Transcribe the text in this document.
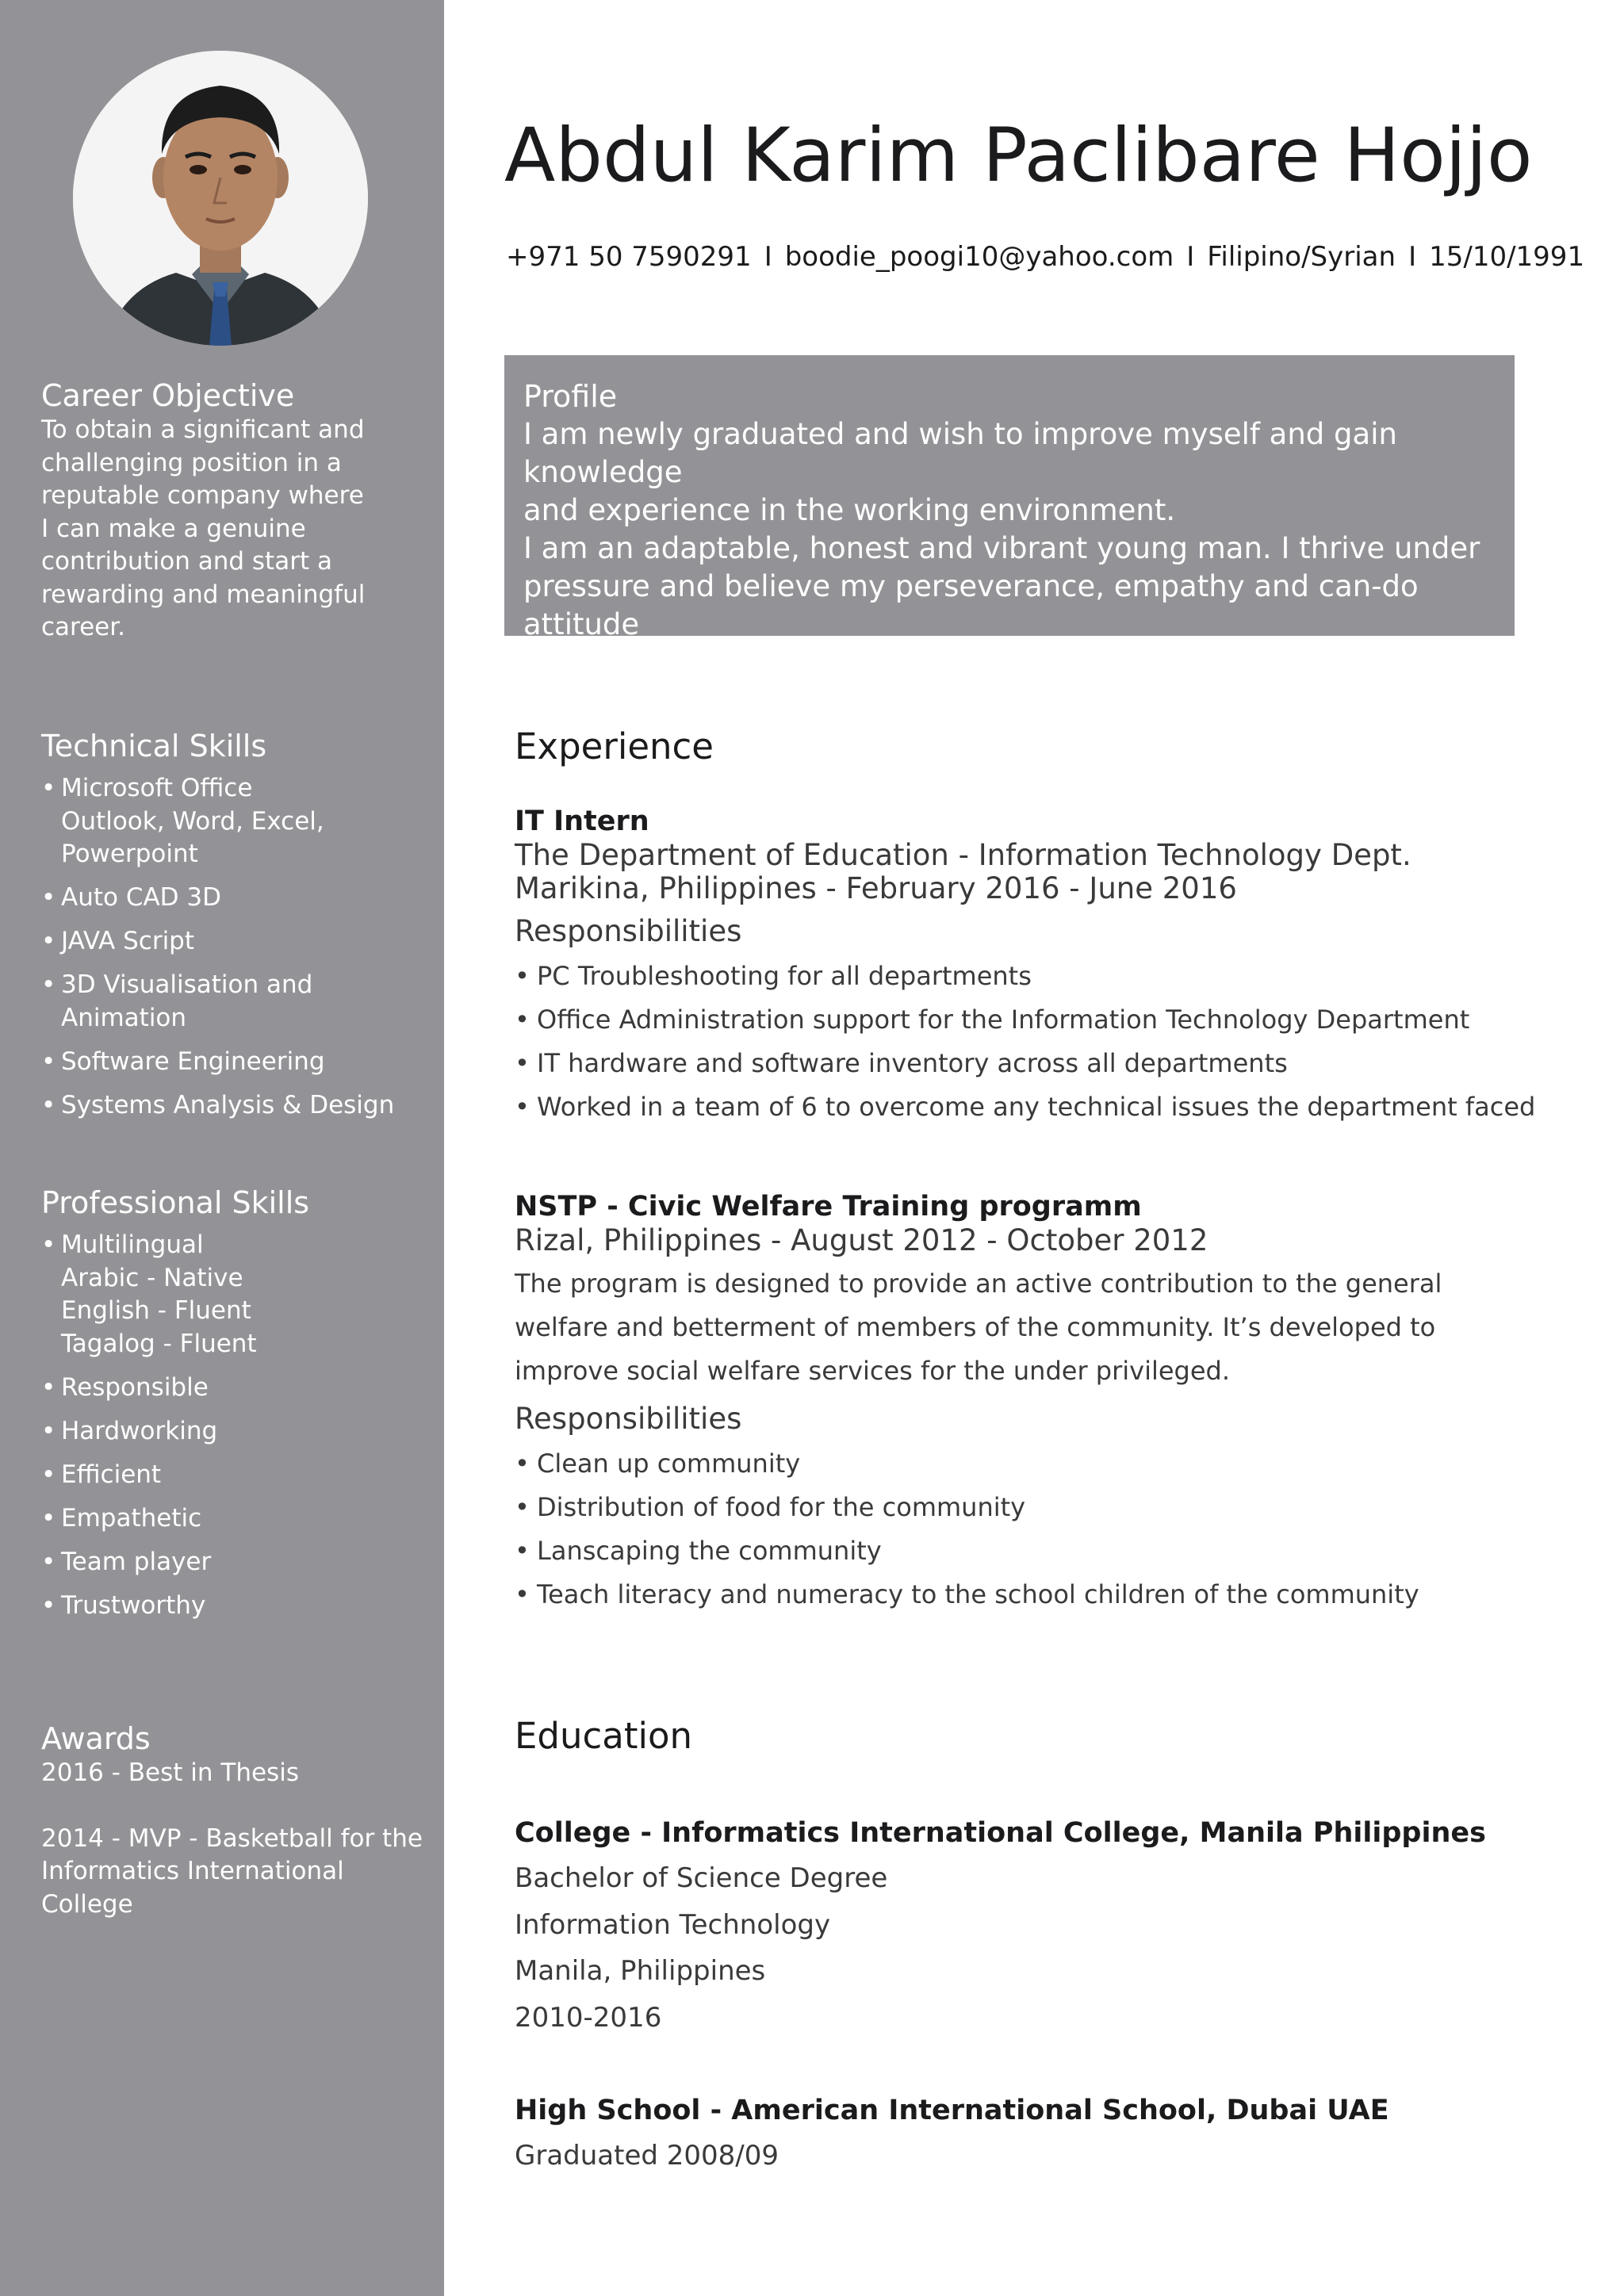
Career Objective

To obtain a significant and
challenging position in a
reputable company where
I can make a genuine
contribution and start a
rewarding and meaningful
career.

Technical Skills
• Microsoft Office
Outlook, Word, Excel,
Powerpoint
• Auto CAD 3D
• JAVA Script
• 3D Visualisation and Animation
• Software Engineering
• Systems Analysis & Design
Professional Skills
• Multilingual
Arabic - Native
English - Fluent
Tagalog - Fluent
• Responsible
• Hardworking
• Efficient
• Empathetic
• Team player
• Trustworthy
Awards

2016 - Best in Thesis

2014 - MVP - Basketball for the
Informatics International College

Abdul Karim Paclibare Hojjo
+971 50 7590291 I boodie_poogi10@yahoo.com I Filipino/Syrian I 15/10/1991
Profile

I am newly graduated and wish to improve myself and gain knowledge

and experience in the working environment.

I am an adaptable, honest and vibrant young man. I thrive under

pressure and believe my perseverance, empathy and can-do attitude

will help to make a genuine contribution to your organization.

Experience
IT Intern

The Department of Education - Information Technology Dept.

Marikina, Philippines - February 2016 - June 2016

Responsibilities

• PC Troubleshooting for all departments
• Office Administration support for the Information Technology Department
• IT hardware and software inventory across all departments
• Worked in a team of 6 to overcome any technical issues the department faced
NSTP - Civic Welfare Training programm

Rizal, Philippines - August 2012 - October 2012

The program is designed to provide an active contribution to the general welfare and betterment of members of the community. It’s developed to improve social welfare services for the under privileged.

Responsibilities

• Clean up community
• Distribution of food for the community
• Lanscaping the community
• Teach literacy and numeracy to the school children of the community
Education
College - Informatics International College, Manila Philippines

Bachelor of Science Degree

Information Technology

Manila, Philippines

2010-2016

High School - American International School, Dubai UAE

Graduated 2008/09
